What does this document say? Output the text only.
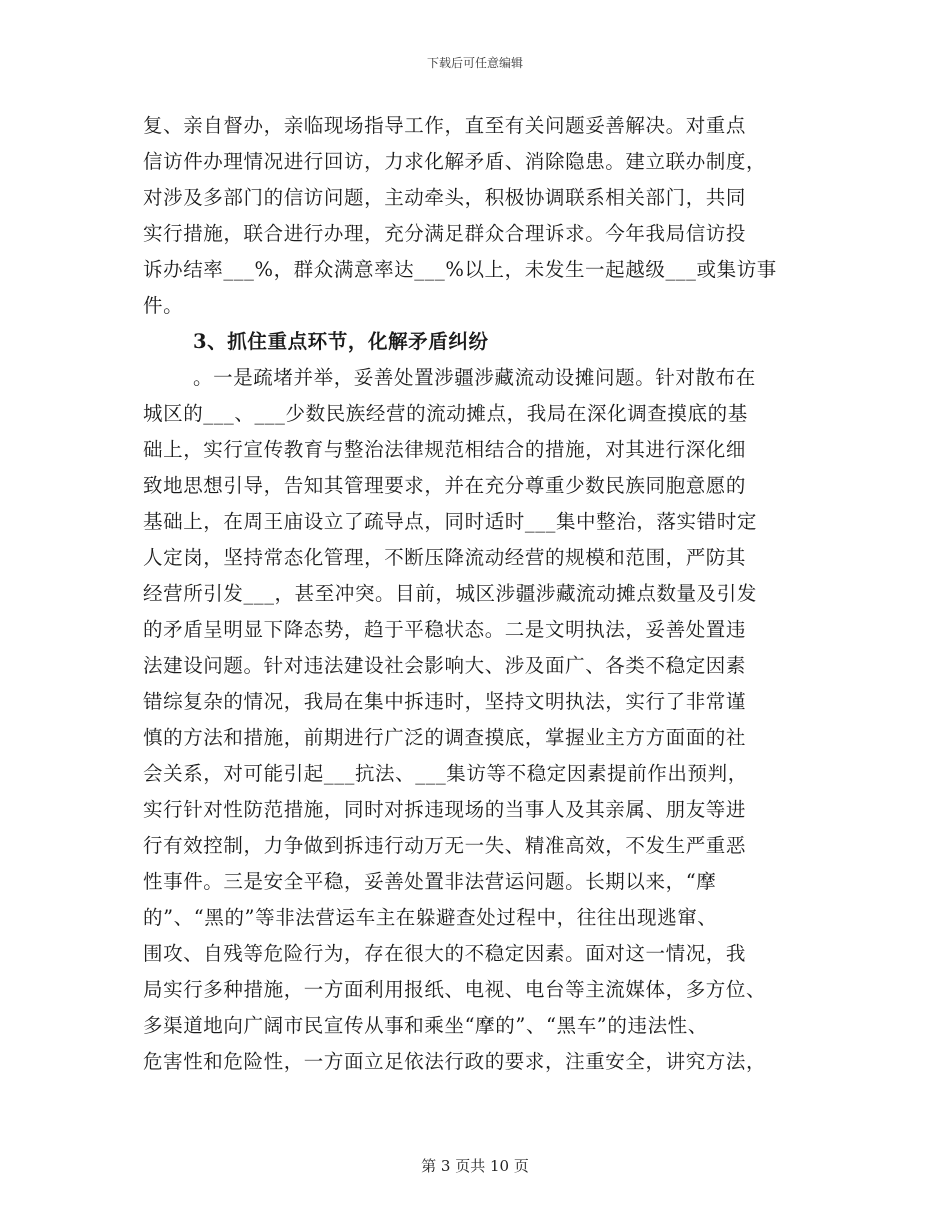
下载后可任意编辑
复、亲自督办，亲临现场指导工作，直至有关问题妥善解决。对重点
信访件办理情况进行回访，力求化解矛盾、消除隐患。建立联办制度，
对涉及多部门的信访问题，主动牵头，积极协调联系相关部门，共同
实行措施，联合进行办理，充分满足群众合理诉求。今年我局信访投
诉办结率___%，群众满意率达___%以上，未发生一起越级___或集访事
件。
3、抓住重点环节，化解矛盾纠纷
。一是疏堵并举，妥善处置涉疆涉藏流动设摊问题。针对散布在
城区的___、___少数民族经营的流动摊点，我局在深化调查摸底的基
础上，实行宣传教育与整治法律规范相结合的措施，对其进行深化细
致地思想引导，告知其管理要求，并在充分尊重少数民族同胞意愿的
基础上，在周王庙设立了疏导点，同时适时___集中整治，落实错时定
人定岗，坚持常态化管理，不断压降流动经营的规模和范围，严防其
经营所引发___，甚至冲突。目前，城区涉疆涉藏流动摊点数量及引发
的矛盾呈明显下降态势，趋于平稳状态。二是文明执法，妥善处置违
法建设问题。针对违法建设社会影响大、涉及面广、各类不稳定因素
错综复杂的情况，我局在集中拆违时，坚持文明执法，实行了非常谨
慎的方法和措施，前期进行广泛的调查摸底，掌握业主方方面面的社
会关系，对可能引起___抗法、___集访等不稳定因素提前作出预判，
实行针对性防范措施，同时对拆违现场的当事人及其亲属、朋友等进
行有效控制，力争做到拆违行动万无一失、精准高效，不发生严重恶
性事件。三是安全平稳，妥善处置非法营运问题。长期以来，“摩
的”、“黑的”等非法营运车主在躲避查处过程中，往往出现逃窜、
围攻、自残等危险行为，存在很大的不稳定因素。面对这一情况，我
局实行多种措施，一方面利用报纸、电视、电台等主流媒体，多方位、
多渠道地向广阔市民宣传从事和乘坐“摩的”、“黑车”的违法性、
危害性和危险性，一方面立足依法行政的要求，注重安全，讲究方法，
第 3 页共 10 页
